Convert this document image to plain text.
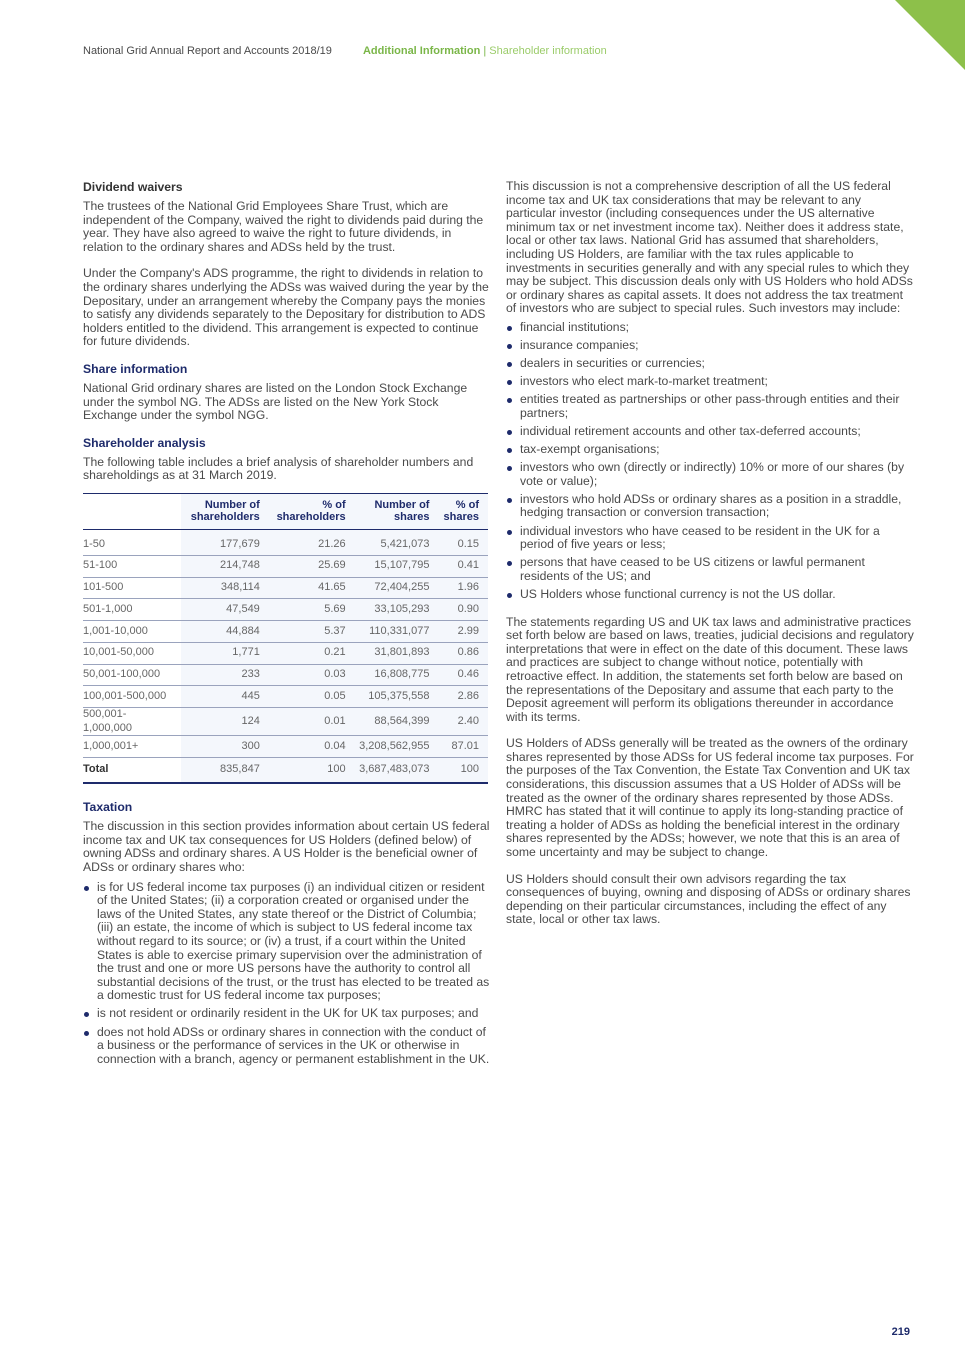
National Grid Annual Report and Accounts 2018/19	Additional Information | Shareholder information
Dividend waivers

The trustees of the National Grid Employees Share Trust, which are independent of the Company, waived the right to dividends paid during the year. They have also agreed to waive the right to future dividends, in relation to the ordinary shares and ADSs held by the trust.

Under the Company's ADS programme, the right to dividends in relation to the ordinary shares underlying the ADSs was waived during the year by the Depositary, under an arrangement whereby the Company pays the monies to satisfy any dividends separately to the Depositary for distribution to ADS holders entitled to the dividend. This arrangement is expected to continue for future dividends.

Share information

National Grid ordinary shares are listed on the London Stock Exchange under the symbol NG. The ADSs are listed on the New York Stock Exchange under the symbol NGG.

Shareholder analysis

The following table includes a brief analysis of shareholder numbers and shareholdings as at 31 March 2019.

	Number of shareholders	% of shareholders	Number of shares	% of shares

1-50	177,679	21.26	5,421,073	0.15
51-100	214,748	25.69	15,107,795	0.41
101-500	348,114	41.65	72,404,255	1.96
501-1,000	47,549	5.69	33,105,293	0.90
1,001-10,000	44,884	5.37	110,331,077	2.99
10,001-50,000	1,771	0.21	31,801,893	0.86
50,001-100,000	233	0.03	16,808,775	0.46
100,001-500,000	445	0.05	105,375,558	2.86
500,001-1,000,000	124	0.01	88,564,399	2.40
1,000,001+	300	0.04	3,208,562,955	87.01
Total	835,847	100	3,687,483,073	100
Taxation

The discussion in this section provides information about certain US federal income tax and UK tax consequences for US Holders (defined below) of owning ADSs and ordinary shares. A US Holder is the beneficial owner of ADSs or ordinary shares who:

is for US federal income tax purposes (i) an individual citizen or resident of the United States; (ii) a corporation created or organised under the laws of the United States, any state thereof or the District of Columbia; (iii) an estate, the income of which is subject to US federal income tax without regard to its source; or (iv) a trust, if a court within the United States is able to exercise primary supervision over the administration of the trust and one or more US persons have the authority to control all substantial decisions of the trust, or the trust has elected to be treated as a domestic trust for US federal income tax purposes;
is not resident or ordinarily resident in the UK for UK tax purposes; and
does not hold ADSs or ordinary shares in connection with the conduct of a business or the performance of services in the UK or otherwise in connection with a branch, agency or permanent establishment in the UK.

This discussion is not a comprehensive description of all the US federal income tax and UK tax considerations that may be relevant to any particular investor (including consequences under the US alternative minimum tax or net investment income tax). Neither does it address state, local or other tax laws. National Grid has assumed that shareholders, including US Holders, are familiar with the tax rules applicable to investments in securities generally and with any special rules to which they may be subject. This discussion deals only with US Holders who hold ADSs or ordinary shares as capital assets. It does not address the tax treatment of investors who are subject to special rules. Such investors may include:

financial institutions;
insurance companies;
dealers in securities or currencies;
investors who elect mark-to-market treatment;
entities treated as partnerships or other pass-through entities and their partners;
individual retirement accounts and other tax-deferred accounts;
tax-exempt organisations;
investors who own (directly or indirectly) 10% or more of our shares (by vote or value);
investors who hold ADSs or ordinary shares as a position in a straddle, hedging transaction or conversion transaction;
individual investors who have ceased to be resident in the UK for a period of five years or less;
persons that have ceased to be US citizens or lawful permanent residents of the US; and
US Holders whose functional currency is not the US dollar.

The statements regarding US and UK tax laws and administrative practices set forth below are based on laws, treaties, judicial decisions and regulatory interpretations that were in effect on the date of this document. These laws and practices are subject to change without notice, potentially with retroactive effect. In addition, the statements set forth below are based on the representations of the Depositary and assume that each party to the Deposit agreement will perform its obligations thereunder in accordance with its terms.

US Holders of ADSs generally will be treated as the owners of the ordinary shares represented by those ADSs for US federal income tax purposes. For the purposes of the Tax Convention, the Estate Tax Convention and UK tax considerations, this discussion assumes that a US Holder of ADSs will be treated as the owner of the ordinary shares represented by those ADSs. HMRC has stated that it will continue to apply its long-standing practice of treating a holder of ADSs as holding the beneficial interest in the ordinary shares represented by the ADSs; however, we note that this is an area of some uncertainty and may be subject to change.

US Holders should consult their own advisors regarding the tax consequences of buying, owning and disposing of ADSs or ordinary shares depending on their particular circumstances, including the effect of any state, local or other tax laws.

219
